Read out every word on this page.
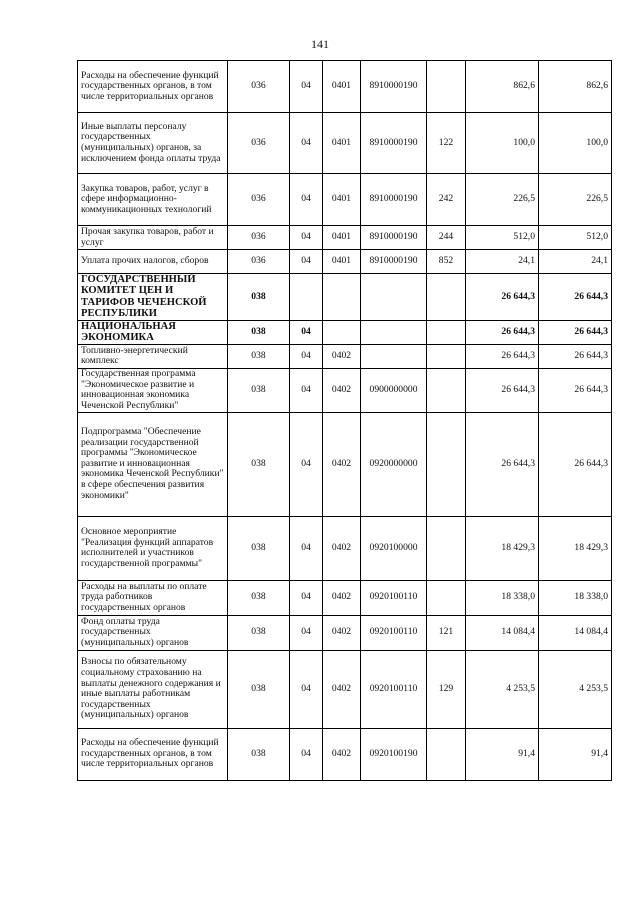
141
Расходы на обеспечение функций государственных органов, в том числе территориальных органов	036	04	0401	8910000190		862,6	862,6
Иные выплаты персоналу государственных (муниципальных) органов, за исключением фонда оплаты труда	036	04	0401	8910000190	122	100,0	100,0
Закупка товаров, работ, услуг в сфере информационно-коммуникационных технологий	036	04	0401	8910000190	242	226,5	226,5
Прочая закупка товаров, работ и услуг	036	04	0401	8910000190	244	512,0	512,0
Уплата прочих налогов, сборов	036	04	0401	8910000190	852	24,1	24,1
ГОСУДАРСТВЕННЫЙ КОМИТЕТ ЦЕН И ТАРИФОВ ЧЕЧЕНСКОЙ РЕСПУБЛИКИ	038					26 644,3	26 644,3
НАЦИОНАЛЬНАЯ ЭКОНОМИКА	038	04				26 644,3	26 644,3
Топливно-энергетический комплекс	038	04	0402			26 644,3	26 644,3
Государственная программа "Экономическое развитие и инновационная экономика Чеченской Республики"	038	04	0402	0900000000		26 644,3	26 644,3
Подпрограмма "Обеспечение реализации государственной программы "Экономическое развитие и инновационная экономика Чеченской Республики" в сфере обеспечения развития экономики"	038	04	0402	0920000000		26 644,3	26 644,3
Основное мероприятие "Реализация функций аппаратов исполнителей и участников государственной программы"	038	04	0402	0920100000		18 429,3	18 429,3
Расходы на выплаты по оплате труда работников государственных органов	038	04	0402	0920100110		18 338,0	18 338,0
Фонд оплаты труда государственных (муниципальных) органов	038	04	0402	0920100110	121	14 084,4	14 084,4
Взносы по обязательному социальному страхованию на выплаты денежного содержания и иные выплаты работникам государственных (муниципальных) органов	038	04	0402	0920100110	129	4 253,5	4 253,5
Расходы на обеспечение функций государственных органов, в том числе территориальных органов	038	04	0402	0920100190		91,4	91,4
